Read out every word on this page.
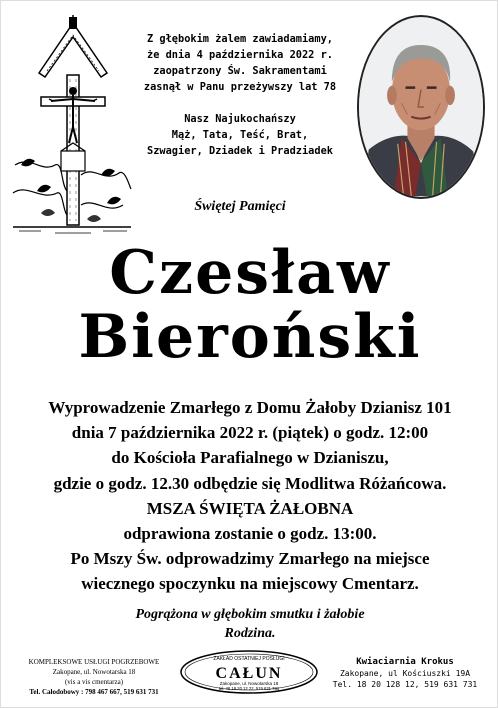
Z głębokim żalem zawiadamiamy,
że dnia 4 października 2022 r.
zaopatrzony Św. Sakramentami
zasnął w Panu przeżywszy lat 78
Nasz Najukochańszy
Mąż, Tata, Teść, Brat,
Szwagier, Dziadek i Pradziadek
Świętej Pamięci
Czesław
Bieroński
Wyprowadzenie Zmarłego z Domu Żałoby Dzianisz 101
dnia 7 października 2022 r. (piątek) o godz. 12:00
do Kościoła Parafialnego w Dzianiszu,
gdzie o godz. 12.30 odbędzie się Modlitwa Różańcowa.
MSZA ŚWIĘTA ŻAŁOBNA
odprawiona zostanie o godz. 13:00.
Po Mszy Św. odprowadzimy Zmarłego na miejsce
wiecznego spoczynku na miejscowy Cmentarz.
Pogrążona w głębokim smutku i żałobie
Rodzina.
KOMPLEKSOWE USŁUGI POGRZEBOWE
Zakopane, ul. Nowotarska 18
(vis a vis cmentarza)
Tel. Całodobowy : 798 467 667, 519 631 731
ZAKŁAD OSTATNIEJ POSŁUGI
CAŁUN
Zakopane, ul. Nowotarska 18
tel. 48 18 20 12 22, 519 631 731
Kwiaciarnia Krokus
Zakopane, ul Kościuszki 19A
Tel. 18 20 128 12, 519 631 731
